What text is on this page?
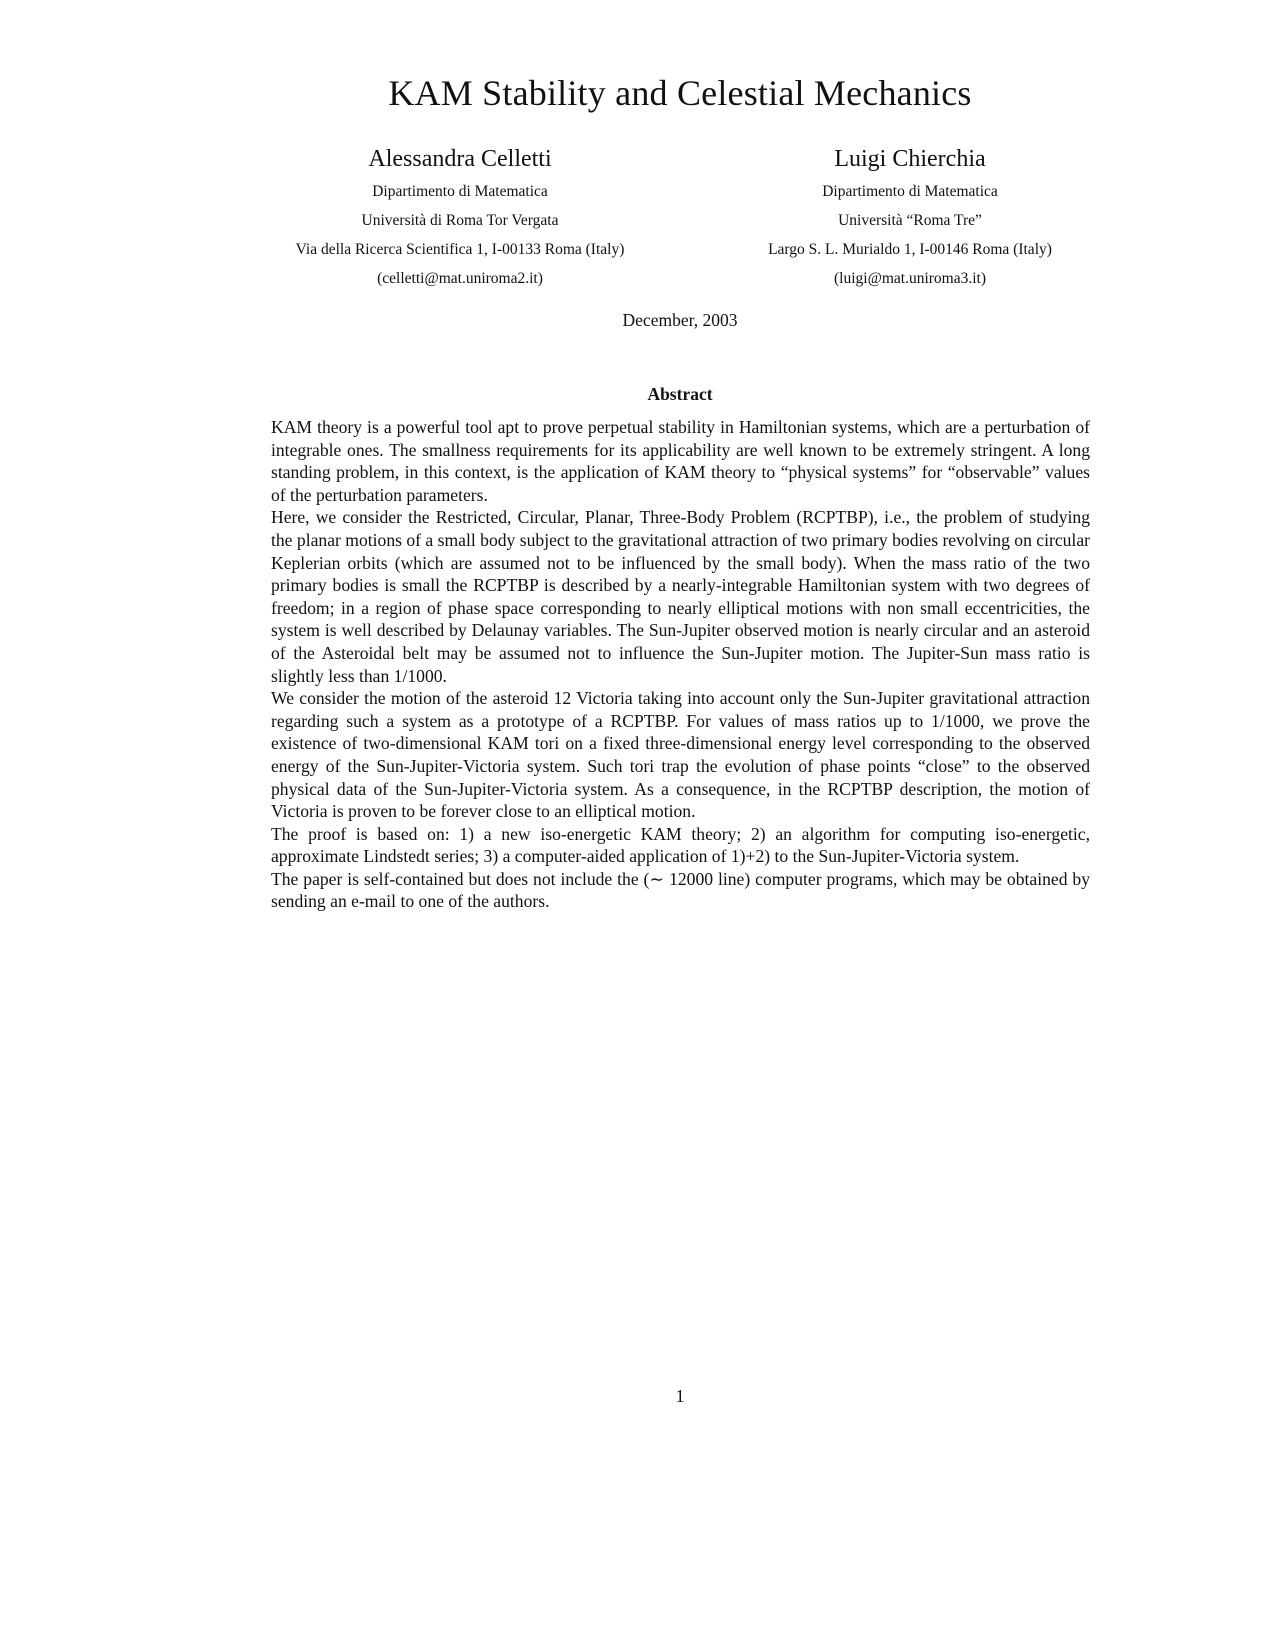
KAM Stability and Celestial Mechanics
Alessandra Celletti
Dipartimento di Matematica
Università di Roma Tor Vergata
Via della Ricerca Scientifica 1, I-00133 Roma (Italy)
(celletti@mat.uniroma2.it)
Luigi Chierchia
Dipartimento di Matematica
Università “Roma Tre”
Largo S. L. Murialdo 1, I-00146 Roma (Italy)
(luigi@mat.uniroma3.it)
December, 2003
Abstract

KAM theory is a powerful tool apt to prove perpetual stability in Hamiltonian systems, which are a perturbation of integrable ones. The smallness requirements for its applicability are well known to be extremely stringent. A long standing problem, in this context, is the application of KAM theory to “physical systems” for “observable” values of the perturbation parameters.

Here, we consider the Restricted, Circular, Planar, Three-Body Problem (RCPTBP), i.e., the problem of studying the planar motions of a small body subject to the gravitational attraction of two primary bodies revolving on circular Keplerian orbits (which are assumed not to be influenced by the small body). When the mass ratio of the two primary bodies is small the RCPTBP is described by a nearly-integrable Hamiltonian system with two degrees of freedom; in a region of phase space corresponding to nearly elliptical motions with non small eccentricities, the system is well described by Delaunay variables. The Sun-Jupiter observed motion is nearly circular and an asteroid of the Asteroidal belt may be assumed not to influence the Sun-Jupiter motion. The Jupiter-Sun mass ratio is slightly less than 1/1000.

We consider the motion of the asteroid 12 Victoria taking into account only the Sun-Jupiter gravitational attraction regarding such a system as a prototype of a RCPTBP. For values of mass ratios up to 1/1000, we prove the existence of two-dimensional KAM tori on a fixed three-dimensional energy level corresponding to the observed energy of the Sun-Jupiter-Victoria system. Such tori trap the evolution of phase points “close” to the observed physical data of the Sun-Jupiter-Victoria system. As a consequence, in the RCPTBP description, the motion of Victoria is proven to be forever close to an elliptical motion.

The proof is based on: 1) a new iso-energetic KAM theory; 2) an algorithm for computing iso-energetic, approximate Lindstedt series; 3) a computer-aided application of 1)+2) to the Sun-Jupiter-Victoria system.

The paper is self-contained but does not include the (∼ 12000 line) computer programs, which may be obtained by sending an e-mail to one of the authors.

1
